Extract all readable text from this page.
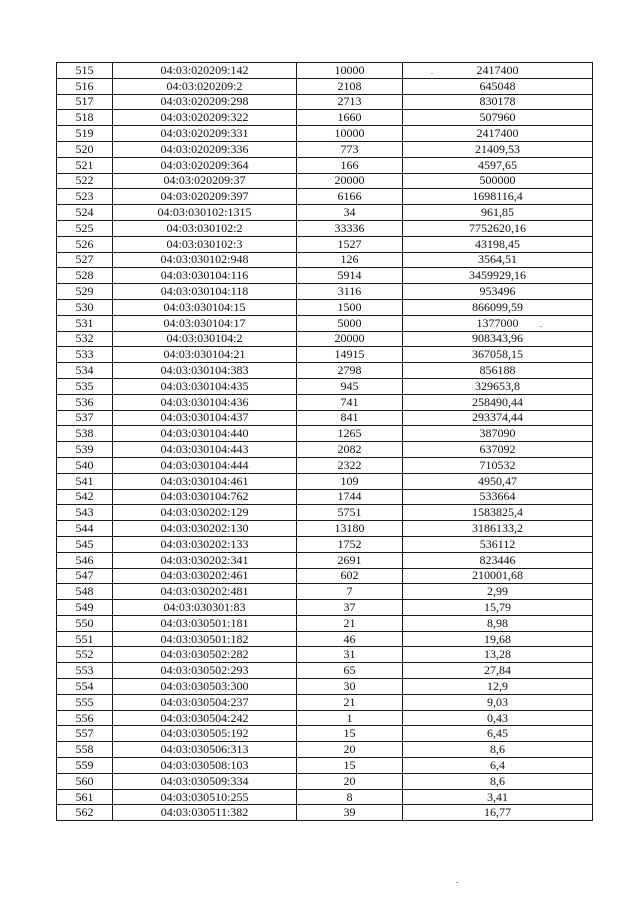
515	04:03:020209:142	10000	2417400
516	04:03:020209:2	2108	645048
517	04:03:020209:298	2713	830178
518	04:03:020209:322	1660	507960
519	04:03:020209:331	10000	2417400
520	04:03:020209:336	773	21409,53
521	04:03:020209:364	166	4597,65
522	04:03:020209:37	20000	500000
523	04:03:020209:397	6166	1698116,4
524	04:03:030102:1315	34	961,85
525	04:03:030102:2	33336	7752620,16
526	04:03:030102:3	1527	43198,45
527	04:03:030102:948	126	3564,51
528	04:03:030104:116	5914	3459929,16
529	04:03:030104:118	3116	953496
530	04:03:030104:15	1500	866099,59
531	04:03:030104:17	5000	1377000
532	04:03:030104:2	20000	908343,96
533	04:03:030104:21	14915	367058,15
534	04:03:030104:383	2798	856188
535	04:03:030104:435	945	329653,8
536	04:03:030104:436	741	258490,44
537	04:03:030104:437	841	293374,44
538	04:03:030104:440	1265	387090
539	04:03:030104:443	2082	637092
540	04:03:030104:444	2322	710532
541	04:03:030104:461	109	4950,47
542	04:03:030104:762	1744	533664
543	04:03:030202:129	5751	1583825,4
544	04:03:030202:130	13180	3186133,2
545	04:03:030202:133	1752	536112
546	04:03:030202:341	2691	823446
547	04:03:030202:461	602	210001,68
548	04:03:030202:481	7	2,99
549	04:03:030301:83	37	15,79
550	04:03:030501:181	21	8,98
551	04:03:030501:182	46	19,68
552	04:03:030502:282	31	13,28
553	04:03:030502:293	65	27,84
554	04:03:030503:300	30	12,9
555	04:03:030504:237	21	9,03
556	04:03:030504:242	1	0,43
557	04:03:030505:192	15	6,45
558	04:03:030506:313	20	8,6
559	04:03:030508:103	15	6,4
560	04:03:030509:334	20	8,6
561	04:03:030510:255	8	3,41
562	04:03:030511:382	39	16,77
